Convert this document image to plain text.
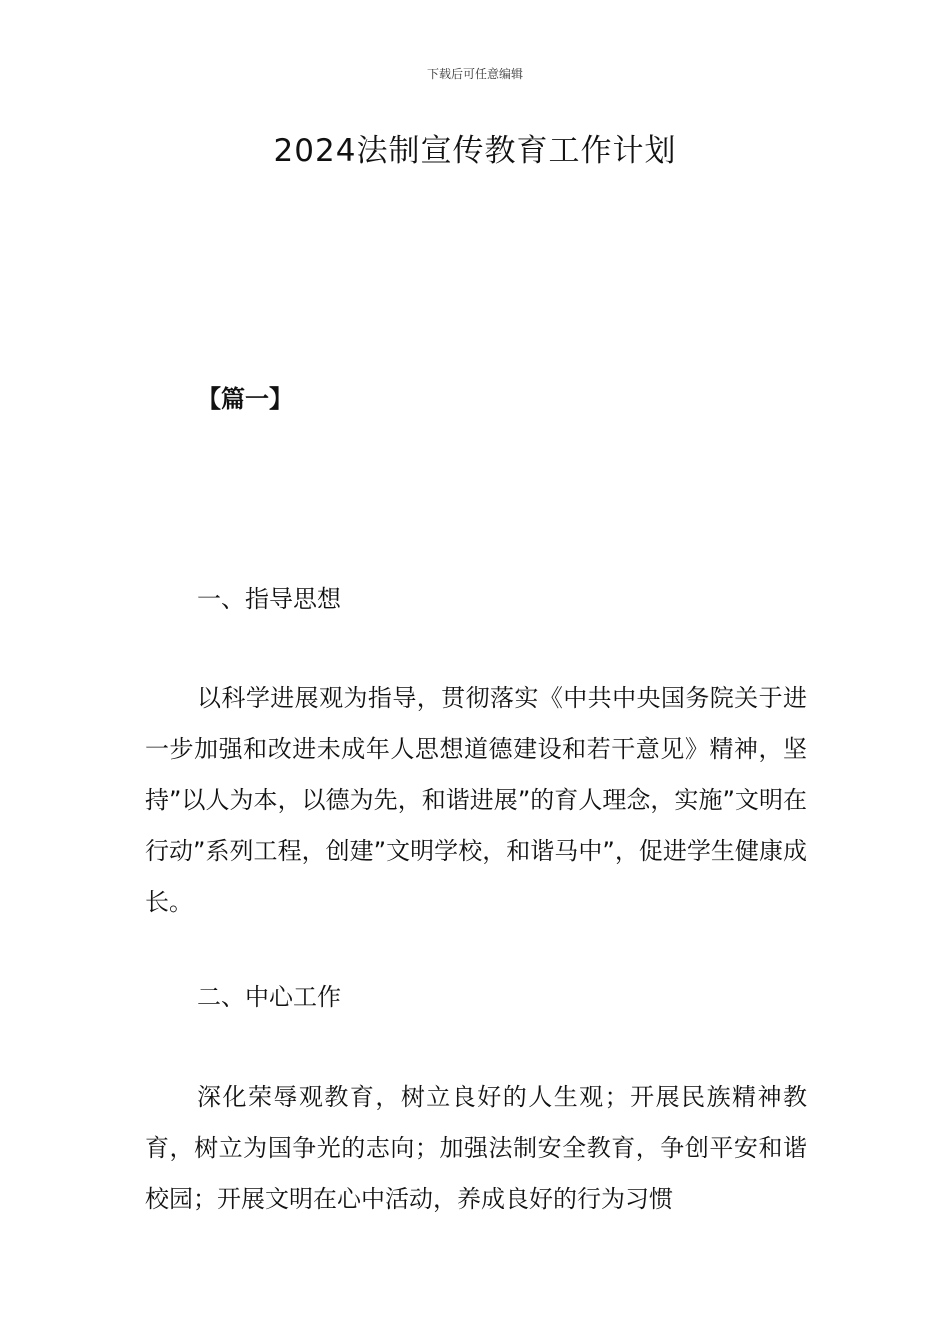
下载后可任意编辑
2024法制宣传教育工作计划
【篇一】
一、指导思想

以科学进展观为指导，贯彻落实《中共中央国务院关于进一步加强和改进未成年人思想道德建设和若干意见》精神，坚持”以人为本，以德为先，和谐进展”的育人理念，实施”文明在行动”系列工程，创建”文明学校，和谐马中”，促进学生健康成长。

二、中心工作

深化荣辱观教育，树立良好的人生观；开展民族精神教育，树立为国争光的志向；加强法制安全教育，争创平安和谐校园；开展文明在心中活动，养成良好的行为习惯
